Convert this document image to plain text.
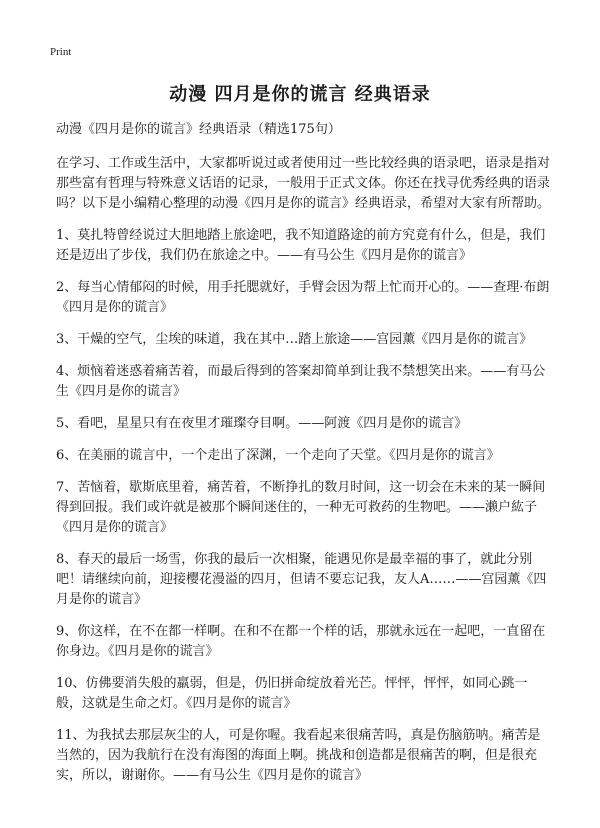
Print
动漫 四月是你的谎言 经典语录

动漫《四月是你的谎言》经典语录（精选175句）

在学习、工作或生活中，大家都听说过或者使用过一些比较经典的语录吧，语录是指对那些富有哲理与特殊意义话语的记录，一般用于正式文体。你还在找寻优秀经典的语录吗？以下是小编精心整理的动漫《四月是你的谎言》经典语录，希望对大家有所帮助。

1、莫扎特曾经说过大胆地踏上旅途吧，我不知道路途的前方究竟有什么，但是，我们还是迈出了步伐，我们仍在旅途之中。——有马公生《四月是你的谎言》

2、每当心情郁闷的时候，用手托腮就好，手臂会因为帮上忙而开心的。——查理·布朗《四月是你的谎言》

3、干燥的空气，尘埃的味道，我在其中…踏上旅途——宫园薰《四月是你的谎言》

4、烦恼着迷惑着痛苦着，而最后得到的答案却简单到让我不禁想笑出来。——有马公生《四月是你的谎言》

5、看吧，星星只有在夜里才璀璨夺目啊。——阿渡《四月是你的谎言》

6、在美丽的谎言中，一个走出了深渊，一个走向了天堂。《四月是你的谎言》

7、苦恼着，歇斯底里着，痛苦着，不断挣扎的数月时间，这一切会在未来的某一瞬间得到回报。我们或许就是被那个瞬间迷住的，一种无可救药的生物吧。——濑户紘子《四月是你的谎言》

8、春天的最后一场雪，你我的最后一次相聚，能遇见你是最幸福的事了，就此分别吧！请继续向前，迎接樱花漫溢的四月，但请不要忘记我，友人A……——宫园薰《四月是你的谎言》

9、你这样，在不在都一样啊。在和不在都一个样的话，那就永远在一起吧，一直留在你身边。《四月是你的谎言》

10、仿佛要消失般的羸弱，但是，仍旧拼命绽放着光芒。怦怦，怦怦，如同心跳一般，这就是生命之灯。《四月是你的谎言》

11、为我拭去那层灰尘的人，可是你喔。我看起来很痛苦吗，真是伤脑筋呐。痛苦是当然的，因为我航行在没有海图的海面上啊。挑战和创造都是很痛苦的啊，但是很充实，所以，谢谢你。——有马公生《四月是你的谎言》
